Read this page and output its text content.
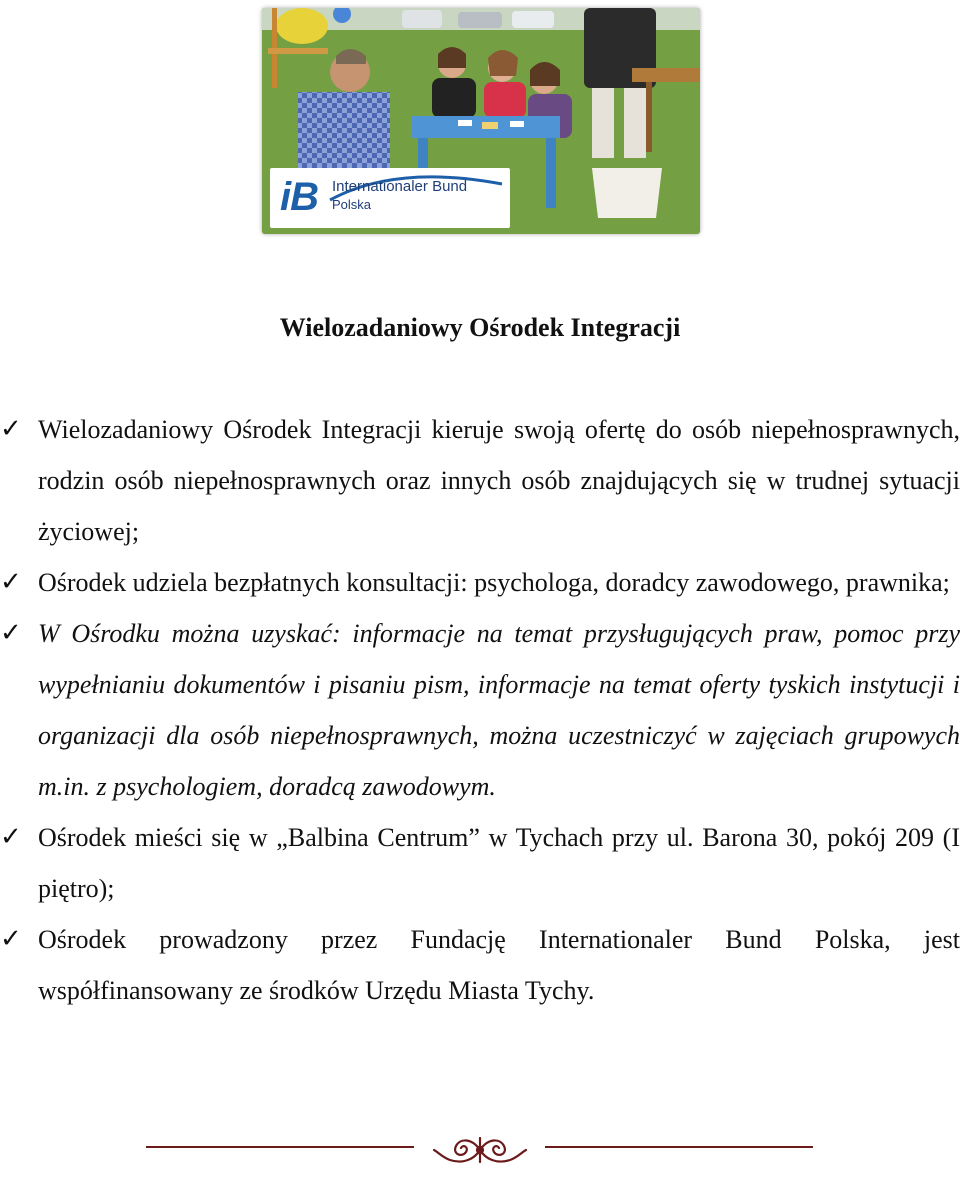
iB Internationaler Bund
Polska
Wielozadaniowy Ośrodek Integracji
✓ Wielozadaniowy Ośrodek Integracji kieruje swoją ofertę do osób niepełnosprawnych, rodzin osób niepełnosprawnych oraz innych osób znajdujących się w trudnej sytuacji życiowej;
✓ Ośrodek udziela bezpłatnych konsultacji: psychologa, doradcy zawodowego, prawnika;
✓ W Ośrodku można uzyskać: informacje na temat przysługujących praw, pomoc przy wypełnianiu dokumentów i pisaniu pism, informacje na temat oferty tyskich instytucji i organizacji dla osób niepełnosprawnych, można uczestniczyć w zajęciach grupowych m.in. z psychologiem, doradcą zawodowym.
✓ Ośrodek mieści się w „Balbina Centrum” w Tychach przy ul. Barona 30, pokój 209 (I piętro);
✓ Ośrodek prowadzony przez Fundację Internationaler Bund Polska, jest współfinansowany ze środków Urzędu Miasta Tychy.
